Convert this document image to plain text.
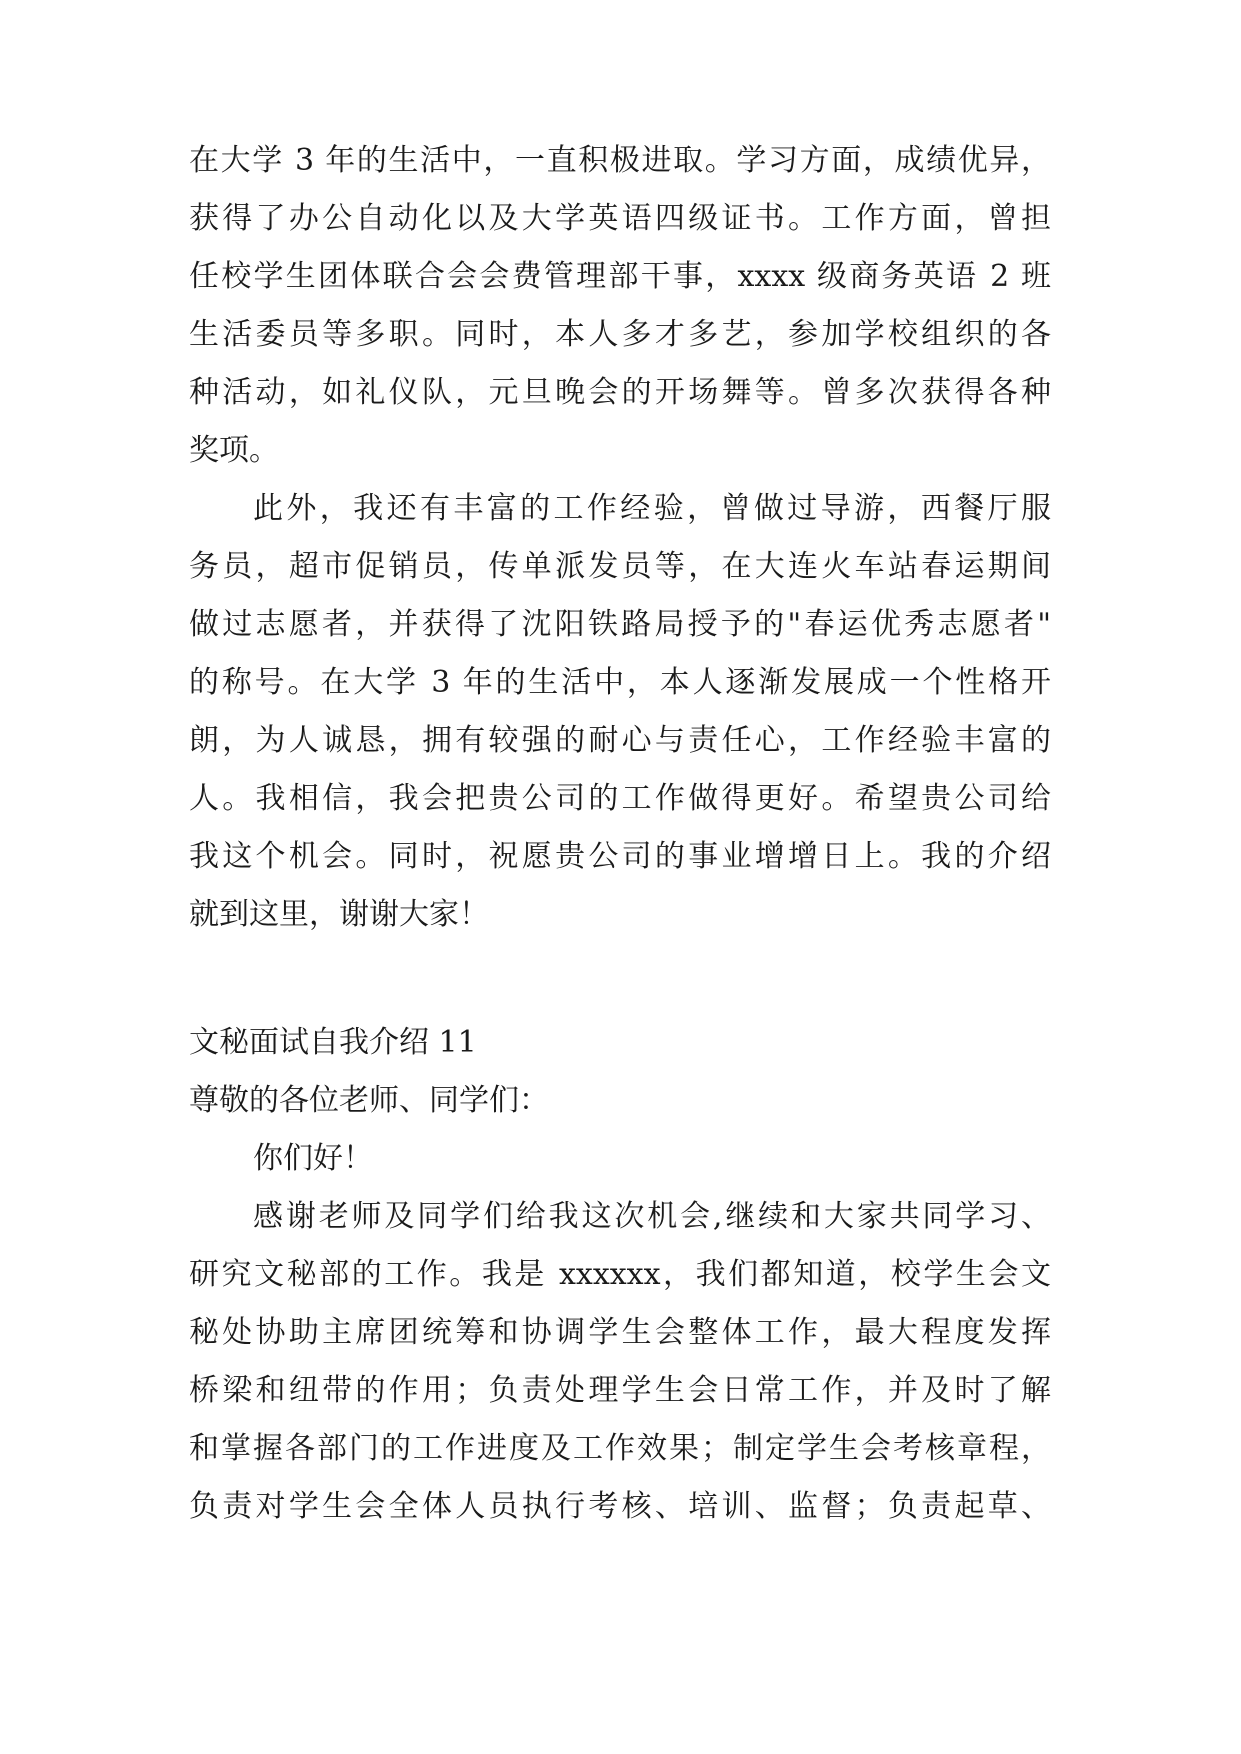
在大学 3 年的生活中，一直积极进取。学习方面，成绩优异，
获得了办公自动化以及大学英语四级证书。工作方面，曾担
任校学生团体联合会会费管理部干事，xxxx 级商务英语 2 班
生活委员等多职。同时，本人多才多艺，参加学校组织的各
种活动，如礼仪队，元旦晚会的开场舞等。曾多次获得各种
奖项。
此外，我还有丰富的工作经验，曾做过导游，西餐厅服
务员，超市促销员，传单派发员等，在大连火车站春运期间
做过志愿者，并获得了沈阳铁路局授予的"春运优秀志愿者"
的称号。在大学 3 年的生活中，本人逐渐发展成一个性格开
朗，为人诚恳，拥有较强的耐心与责任心，工作经验丰富的
人。我相信，我会把贵公司的工作做得更好。希望贵公司给
我这个机会。同时，祝愿贵公司的事业增增日上。我的介绍
就到这里，谢谢大家！
文秘面试自我介绍 11
尊敬的各位老师、同学们：
你们好！
感谢老师及同学们给我这次机会,继续和大家共同学习、
研究文秘部的工作。我是 xxxxxx，我们都知道，校学生会文
秘处协助主席团统筹和协调学生会整体工作，最大程度发挥
桥梁和纽带的作用；负责处理学生会日常工作，并及时了解
和掌握各部门的工作进度及工作效果；制定学生会考核章程，
负责对学生会全体人员执行考核、培训、监督；负责起草、
